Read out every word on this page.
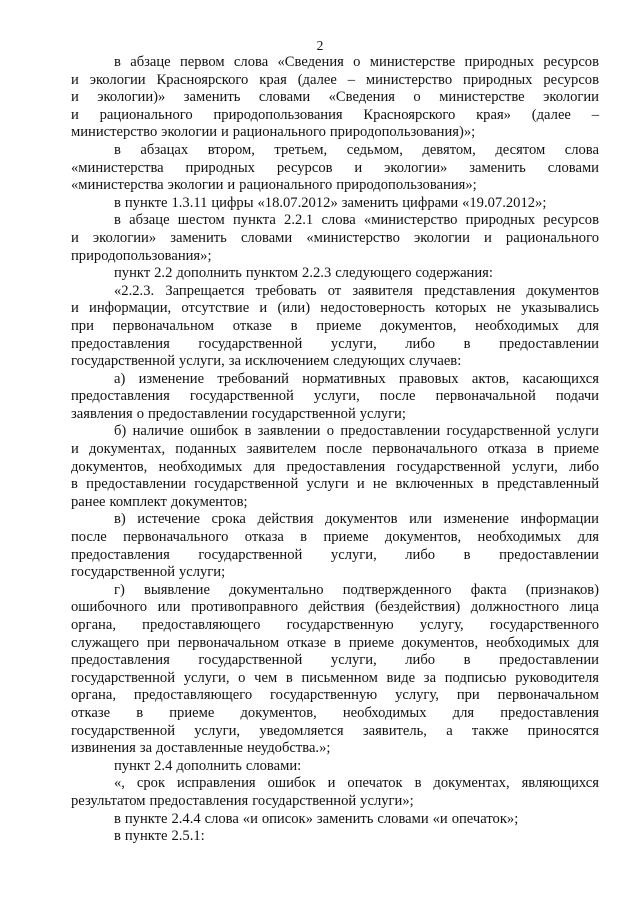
2

в абзаце первом слова «Сведения о министерстве природных ресурсов
и экологии Красноярского края (далее – министерство природных ресурсов
и экологии)» заменить словами «Сведения о министерстве экологии
и рационального природопользования Красноярского края» (далее –
министерство экологии и рационального природопользования)»;

в абзацах втором, третьем, седьмом, девятом, десятом слова
«министерства природных ресурсов и экологии» заменить словами
«министерства экологии и рационального природопользования»;

в пункте 1.3.11 цифры «18.07.2012» заменить цифрами «19.07.2012»;

в абзаце шестом пункта 2.2.1 слова «министерство природных ресурсов
и экологии» заменить словами «министерство экологии и рационального
природопользования»;

пункт 2.2 дополнить пунктом 2.2.3 следующего содержания:

«2.2.3. Запрещается требовать от заявителя представления документов
и информации, отсутствие и (или) недостоверность которых не указывались
при первоначальном отказе в приеме документов, необходимых для
предоставления государственной услуги, либо в предоставлении
государственной услуги, за исключением следующих случаев:

а) изменение требований нормативных правовых актов, касающихся
предоставления государственной услуги, после первоначальной подачи
заявления о предоставлении государственной услуги;

б) наличие ошибок в заявлении о предоставлении государственной услуги
и документах, поданных заявителем после первоначального отказа в приеме
документов, необходимых для предоставления государственной услуги, либо
в предоставлении государственной услуги и не включенных в представленный
ранее комплект документов;

в) истечение срока действия документов или изменение информации
после первоначального отказа в приеме документов, необходимых для
предоставления государственной услуги, либо в предоставлении
государственной услуги;

г) выявление документально подтвержденного факта (признаков)
ошибочного или противоправного действия (бездействия) должностного лица
органа, предоставляющего государственную услугу, государственного
служащего при первоначальном отказе в приеме документов, необходимых для
предоставления государственной услуги, либо в предоставлении
государственной услуги, о чем в письменном виде за подписью руководителя
органа, предоставляющего государственную услугу, при первоначальном
отказе в приеме документов, необходимых для предоставления
государственной услуги, уведомляется заявитель, а также приносятся
извинения за доставленные неудобства.»;

пункт 2.4 дополнить словами:

«, срок исправления ошибок и опечаток в документах, являющихся
результатом предоставления государственной услуги»;

в пункте 2.4.4 слова «и описок» заменить словами «и опечаток»;

в пункте 2.5.1:
